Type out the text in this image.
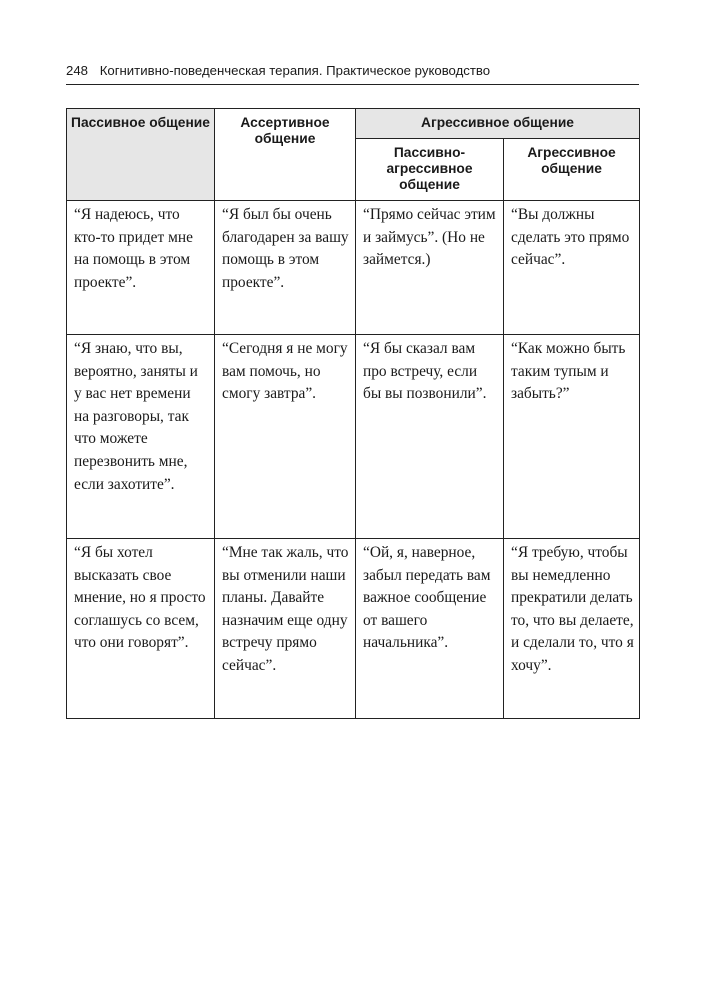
248 Когнитивно-поведенческая терапия. Практическое руководство
Пассивное общение	Ассертивное общение	Агрессивное общение	
		Пассивно-агрессивное общение	Агрессивное общение
“Я надеюсь, что кто-то придет мне на помощь в этом проекте”.	“Я был бы очень благодарен за вашу помощь в этом проекте”.	“Прямо сейчас этим и займусь”. (Но не займется.)	“Вы должны сделать это прямо сейчас”.
“Я знаю, что вы, вероятно, заняты и у вас нет времени на разговоры, так что можете перезвонить мне, если захотите”.	“Сегодня я не могу вам помочь, но смогу завтра”.	“Я бы сказал вам про встречу, если бы вы позвонили”.	“Как можно быть таким тупым и забыть?”
“Я бы хотел высказать свое мнение, но я просто соглашусь со всем, что они говорят”.	“Мне так жаль, что вы отменили наши планы. Давайте назначим еще одну встречу прямо сейчас”.	“Ой, я, наверное, забыл передать вам важное сообщение от вашего начальника”.	“Я требую, чтобы вы немедленно прекратили делать то, что вы делаете, и сделали то, что я хочу”.
